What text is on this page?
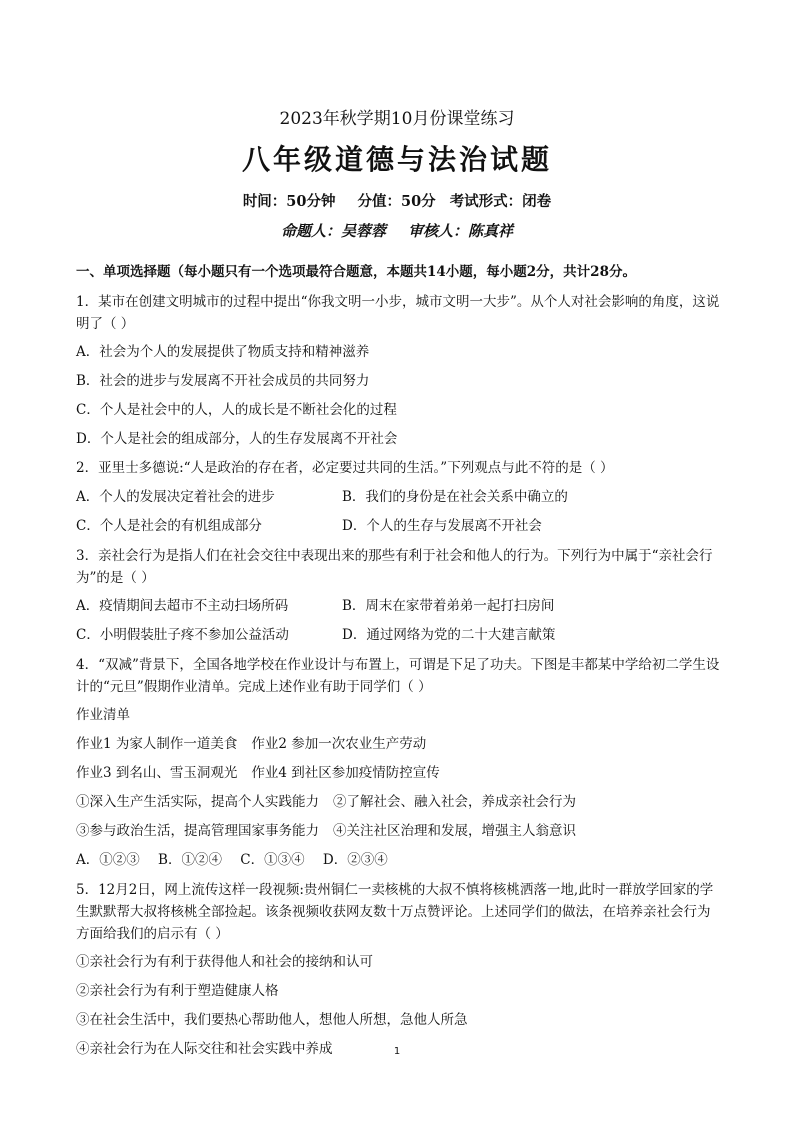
2023年秋学期10月份课堂练习
八年级道德与法治试题
时间：50分钟 分值：50分 考试形式：闭卷
命题人：吴蓉蓉 审核人：陈真祥
一、单项选择题（每小题只有一个选项最符合题意，本题共14小题，每小题2分，共计28分。
1．某市在创建文明城市的过程中提出“你我文明一小步，城市文明一大步”。从个人对社会影响的角度，这说明了（ ）
A．社会为个人的发展提供了物质支持和精神滋养
B．社会的进步与发展离不开社会成员的共同努力
C．个人是社会中的人，人的成长是不断社会化的过程
D．个人是社会的组成部分，人的生存发展离不开社会
2．亚里士多德说:“人是政治的存在者，必定要过共同的生活。”下列观点与此不符的是（ ）
A．个人的发展决定着社会的进步	B．我们的身份是在社会关系中确立的
C．个人是社会的有机组成部分	D．个人的生存与发展离不开社会
3．亲社会行为是指人们在社会交往中表现出来的那些有利于社会和他人的行为。下列行为中属于“亲社会行为”的是（ ）
A．疫情期间去超市不主动扫场所码	B．周末在家带着弟弟一起打扫房间
C．小明假装肚子疼不参加公益活动	D．通过网络为党的二十大建言献策
4．“双减”背景下，全国各地学校在作业设计与布置上，可谓是下足了功夫。下图是丰都某中学给初二学生设计的“元旦”假期作业清单。完成上述作业有助于同学们（ ）
作业清单
作业1 为家人制作一道美食 作业2 参加一次农业生产劳动
作业3 到名山、雪玉洞观光 作业4 到社区参加疫情防控宣传
①深入生产生活实际，提高个人实践能力 ②了解社会、融入社会，养成亲社会行为
③参与政治生活，提高管理国家事务能力 ④关注社区治理和发展，增强主人翁意识
A．①②③ B．①②④ C．①③④ D．②③④
5．12月2日，网上流传这样一段视频:贵州铜仁一卖核桃的大叔不慎将核桃洒落一地,此时一群放学回家的学生默默帮大叔将核桃全部捡起。该条视频收获网友数十万点赞评论。上述同学们的做法，在培养亲社会行为方面给我们的启示有（ ）
①亲社会行为有利于获得他人和社会的接纳和认可
②亲社会行为有利于塑造健康人格
③在社会生活中，我们要热心帮助他人，想他人所想，急他人所急
④亲社会行为在人际交往和社会实践中养成	1
